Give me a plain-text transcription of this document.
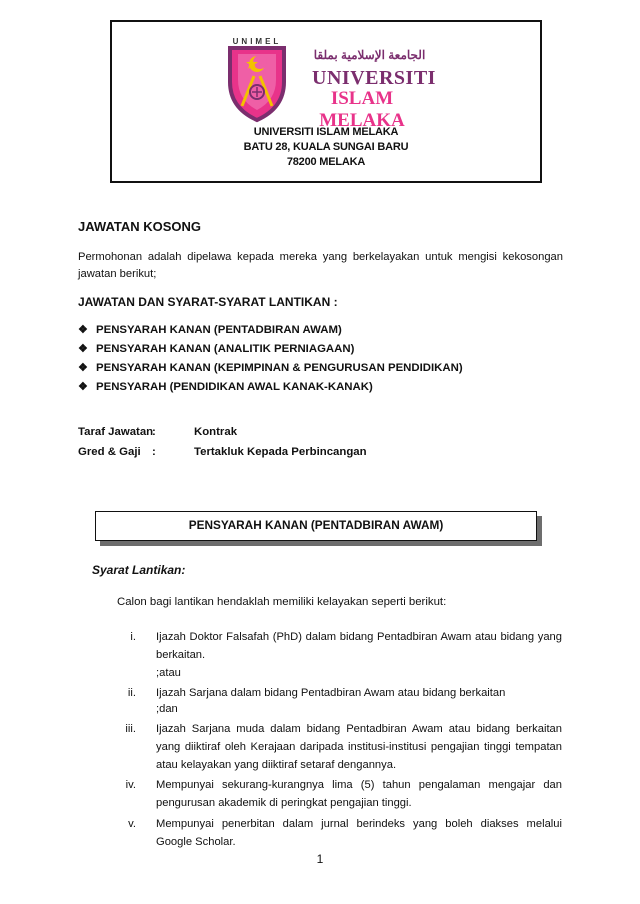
UNIMEL
الجامعة الإسلامية بملقا
UNIVERSITI
ISLAM MELAKA
UNIVERSITI ISLAM MELAKA
BATU 28, KUALA SUNGAI BARU
78200 MELAKA
JAWATAN KOSONG
Permohonan adalah dipelawa kepada mereka yang berkelayakan untuk mengisi kekosongan jawatan berikut;
JAWATAN DAN SYARAT-SYARAT LANTIKAN :
❖ PENSYARAH KANAN (PENTADBIRAN AWAM)
❖ PENSYARAH KANAN (ANALITIK PERNIAGAAN)
❖ PENSYARAH KANAN (KEPIMPINAN & PENGURUSAN PENDIDIKAN)
❖ PENSYARAH (PENDIDIKAN AWAL KANAK-KANAK)
Taraf Jawatan
:	Kontrak
Gred & Gaji :	Tertakluk Kepada Perbincangan
PENSYARAH KANAN (PENTADBIRAN AWAM)
Syarat Lantikan:
Calon bagi lantikan hendaklah memiliki kelayakan seperti berikut:
i. Ijazah Doktor Falsafah (PhD) dalam bidang Pentadbiran Awam atau bidang yang berkaitan.
;atau
ii. Ijazah Sarjana dalam bidang Pentadbiran Awam atau bidang berkaitan
;dan
iii. Ijazah Sarjana muda dalam bidang Pentadbiran Awam atau bidang berkaitan yang diiktiraf oleh Kerajaan daripada institusi-institusi pengajian tinggi tempatan atau kelayakan yang diiktiraf setaraf dengannya.
iv. Mempunyai sekurang-kurangnya lima (5) tahun pengalaman mengajar dan pengurusan akademik di peringkat pengajian tinggi.
v. Mempunyai penerbitan dalam jurnal berindeks yang boleh diakses melalui Google Scholar.
1
